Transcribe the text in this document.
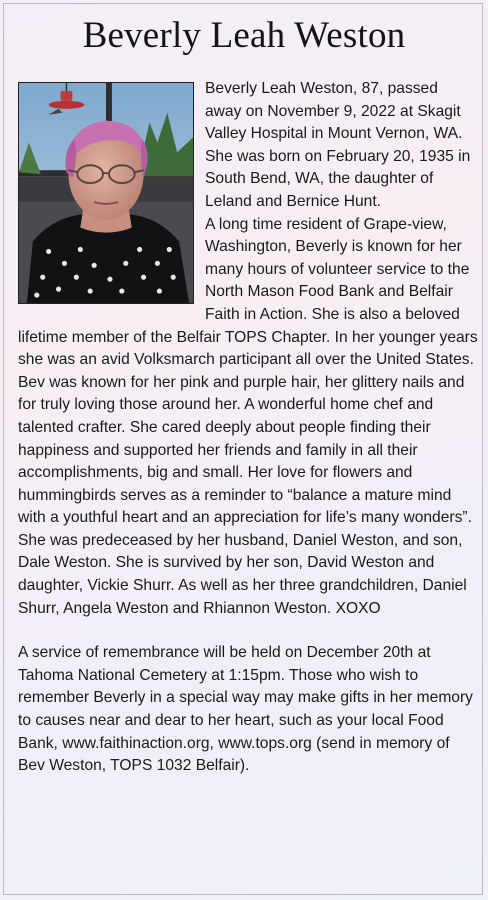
Beverly Leah Weston

Beverly Leah Weston, 87, passed away on November 9, 2022 at Skagit Valley Hospital in Mount Vernon, WA. She was born on February 20, 1935 in South Bend, WA, the daughter of Leland and Bernice Hunt.

A long time resident of Grape-view, Washington, Beverly is known for her many hours of volunteer service to the North Mason Food Bank and Belfair Faith in Action. She is also a beloved lifetime member of the Belfair TOPS Chapter. In her younger years she was an avid Volksmarch participant all over the United States.

Bev was known for her pink and purple hair, her glittery nails and for truly loving those around her. A wonderful home chef and talented crafter. She cared deeply about people finding their happiness and supported her friends and family in all their accomplishments, big and small. Her love for flowers and hummingbirds serves as a reminder to “balance a mature mind with a youthful heart and an appreciation for life’s many wonders”.

She was predeceased by her husband, Daniel Weston, and son, Dale Weston. She is survived by her son, David Weston and daughter, Vickie Shurr. As well as her three grandchildren, Daniel Shurr, Angela Weston and Rhiannon Weston. XOXO

A service of remembrance will be held on December 20th at Tahoma National Cemetery at 1:15pm. Those who wish to remember Beverly in a special way may make gifts in her memory to causes near and dear to her heart, such as your local Food Bank, www.faithinaction.org, www.tops.org (send in memory of Bev Weston, TOPS 1032 Belfair).
